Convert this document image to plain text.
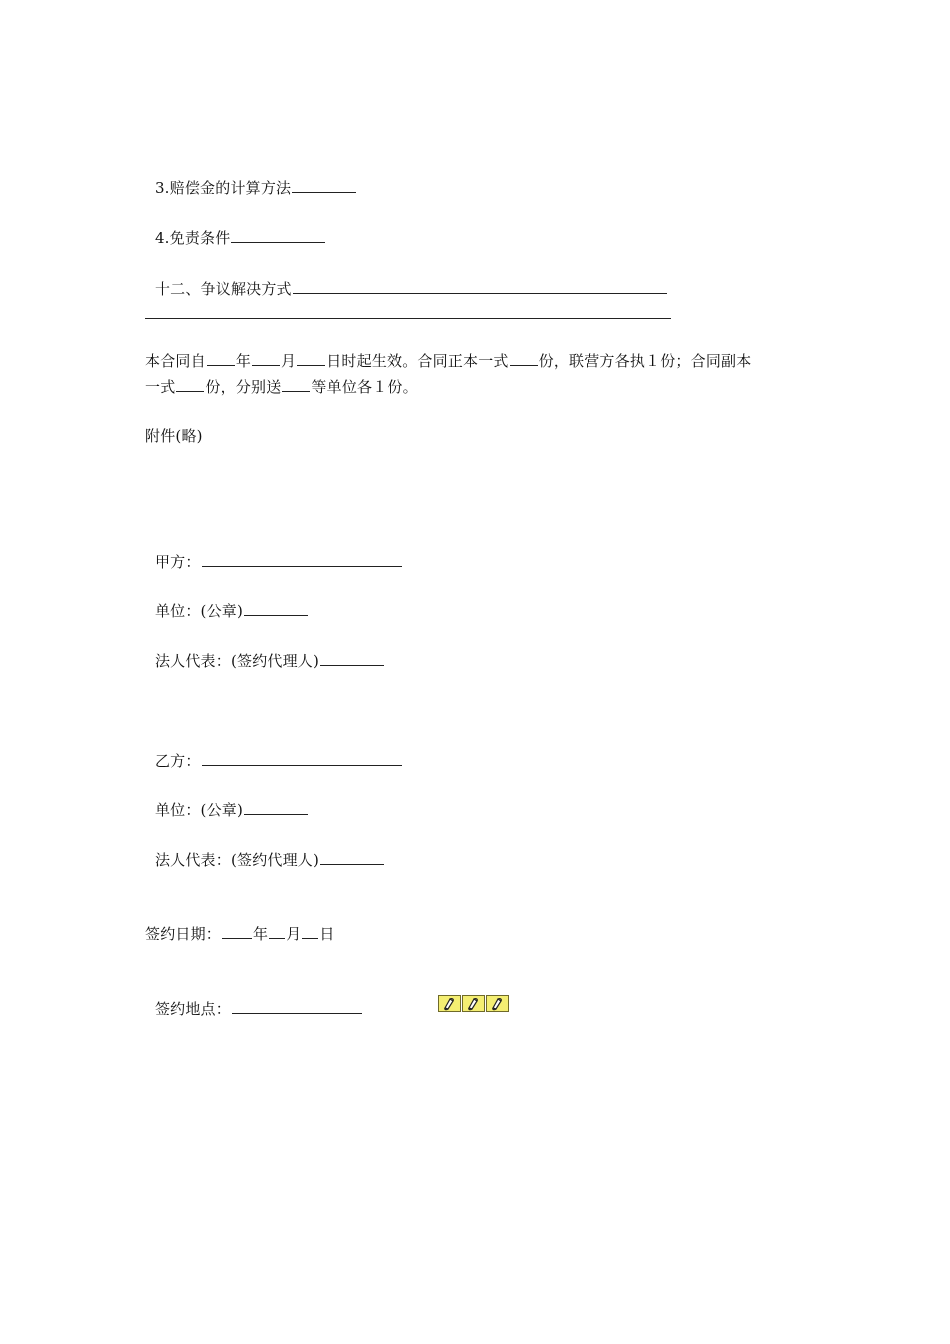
3.赔偿金的计算方法

4.免责条件

十二、争议解决方式

本合同自 年 月 日时起生效。合同正本一式 份，联营方各执１份；合同副本
一式 份，分别送 等单位各１份。
附件(略)

甲方：

单位：(公章)

法人代表：(签约代理人)

乙方：

单位：(公章)

法人代表：(签约代理人)

签约日期： 年 月 日

签约地点：
